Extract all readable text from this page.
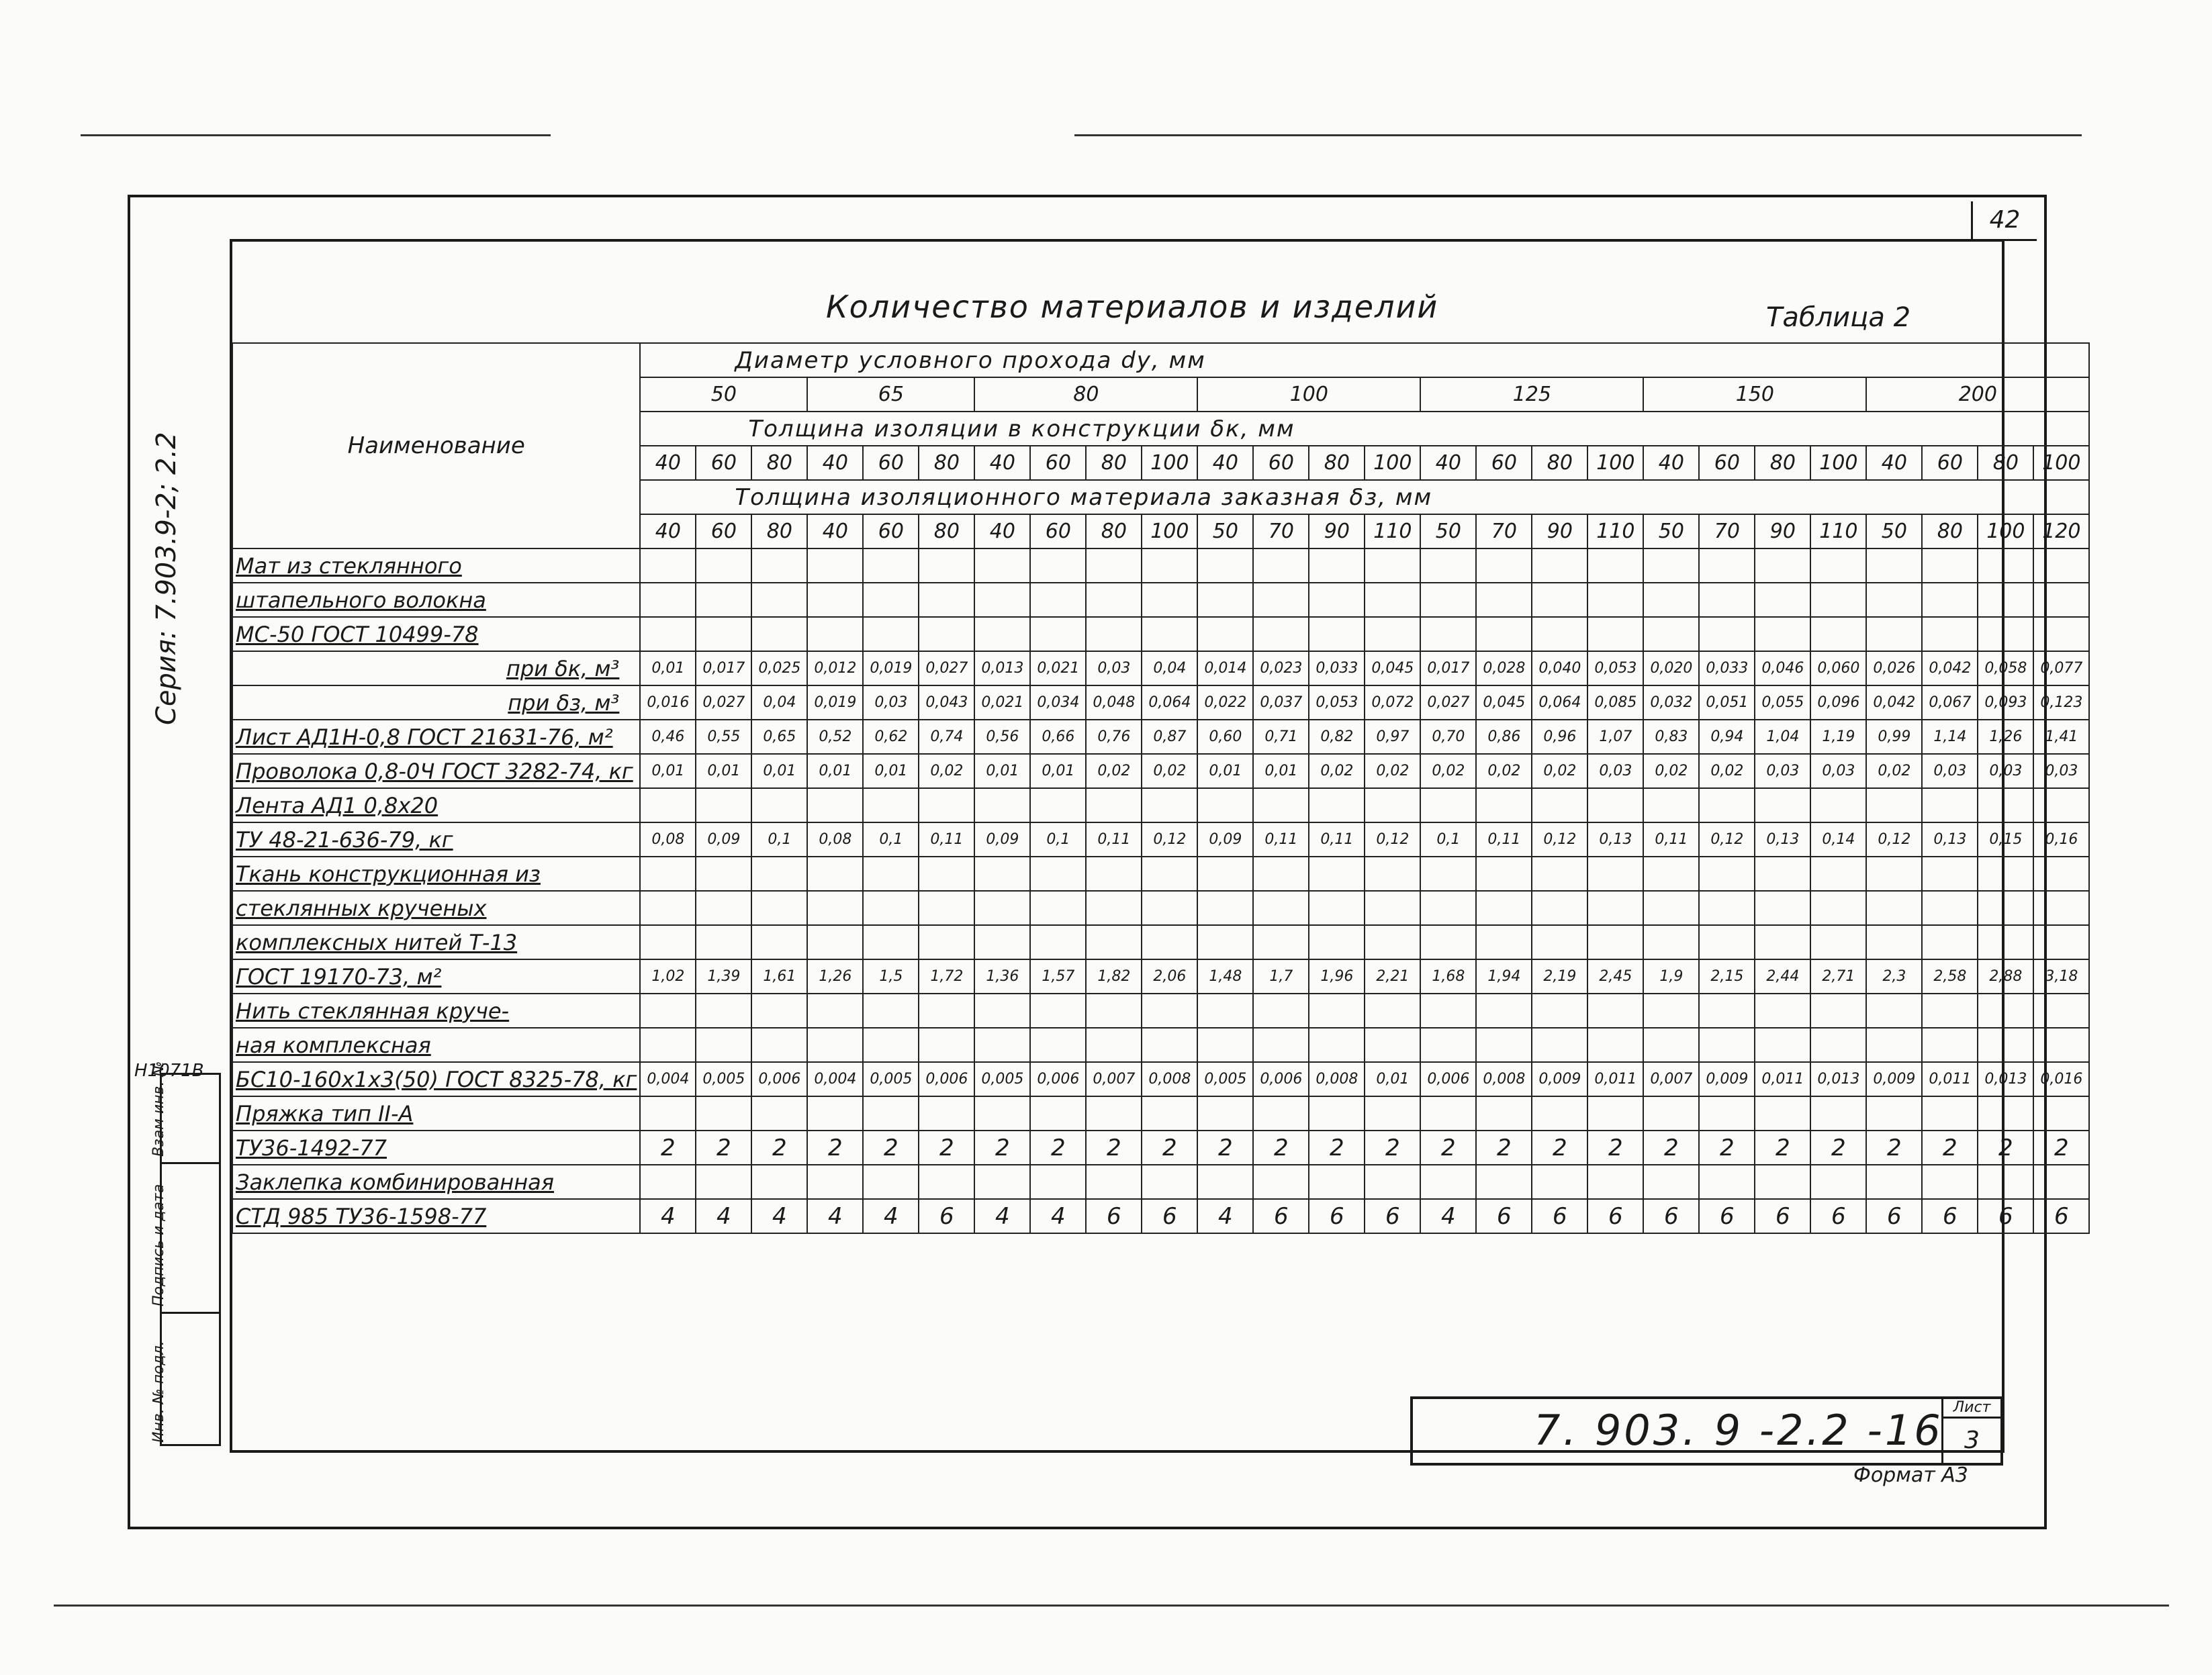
42
Количество материалов и изделий	Таблица 2
Серия: 7.903.9-2; 2.2
Н1071В
Взам инв. №
Подпись и дата
Инв. № подл.
Наименование	Диаметр условного прохода dу, мм																									
	50			65			80				100				125				150				200			
	Толщина изоляции в конструкции δк, мм																									
	40	60	80	40	60	80	40	60	80	100	40	60	80	100	40	60	80	100	40	60	80	100	40	60	80	100
	Толщина изоляционного материала заказная δз, мм																									
	40	60	80	40	60	80	40	60	80	100	50	70	90	110	50	70	90	110	50	70	90	110	50	80	100	120
Мат из стеклянного																										
штапельного волокна																										
МС-50 ГОСТ 10499-78																										
при δк, м³	0,01	0,017	0,025	0,012	0,019	0,027	0,013	0,021	0,03	0,04	0,014	0,023	0,033	0,045	0,017	0,028	0,040	0,053	0,020	0,033	0,046	0,060	0,026	0,042	0,058	0,077
при δз, м³	0,016	0,027	0,04	0,019	0,03	0,043	0,021	0,034	0,048	0,064	0,022	0,037	0,053	0,072	0,027	0,045	0,064	0,085	0,032	0,051	0,055	0,096	0,042	0,067	0,093	0,123
Лист АД1Н-0,8 ГОСТ 21631-76, м²	0,46	0,55	0,65	0,52	0,62	0,74	0,56	0,66	0,76	0,87	0,60	0,71	0,82	0,97	0,70	0,86	0,96	1,07	0,83	0,94	1,04	1,19	0,99	1,14	1,26	1,41
Проволока 0,8-0Ч ГОСТ 3282-74, кг	0,01	0,01	0,01	0,01	0,01	0,02	0,01	0,01	0,02	0,02	0,01	0,01	0,02	0,02	0,02	0,02	0,02	0,03	0,02	0,02	0,03	0,03	0,02	0,03	0,03	0,03
Лента АД1 0,8х20																										
ТУ 48-21-636-79, кг	0,08	0,09	0,1	0,08	0,1	0,11	0,09	0,1	0,11	0,12	0,09	0,11	0,11	0,12	0,1	0,11	0,12	0,13	0,11	0,12	0,13	0,14	0,12	0,13	0,15	0,16
Ткань конструкционная из																										
стеклянных крученых																										
комплексных нитей Т-13																										
ГОСТ 19170-73, м²	1,02	1,39	1,61	1,26	1,5	1,72	1,36	1,57	1,82	2,06	1,48	1,7	1,96	2,21	1,68	1,94	2,19	2,45	1,9	2,15	2,44	2,71	2,3	2,58	2,88	3,18
Нить стеклянная круче-																										
ная комплексная																										
БС10-160х1х3(50) ГОСТ 8325-78, кг	0,004	0,005	0,006	0,004	0,005	0,006	0,005	0,006	0,007	0,008	0,005	0,006	0,008	0,01	0,006	0,008	0,009	0,011	0,007	0,009	0,011	0,013	0,009	0,011	0,013	0,016
Пряжка тип II-А																										
ТУ36-1492-77	2	2	2	2	2	2	2	2	2	2	2	2	2	2	2	2	2	2	2	2	2	2	2	2	2	2
Заклепка комбинированная																										
СТД 985 ТУ36-1598-77	4	4	4	4	4	6	4	4	6	6	4	6	6	6	4	6	6	6	6	6	6	6	6	6	6	6
7. 903. 9 -2.2 -16 Лист
3
Формат А3
